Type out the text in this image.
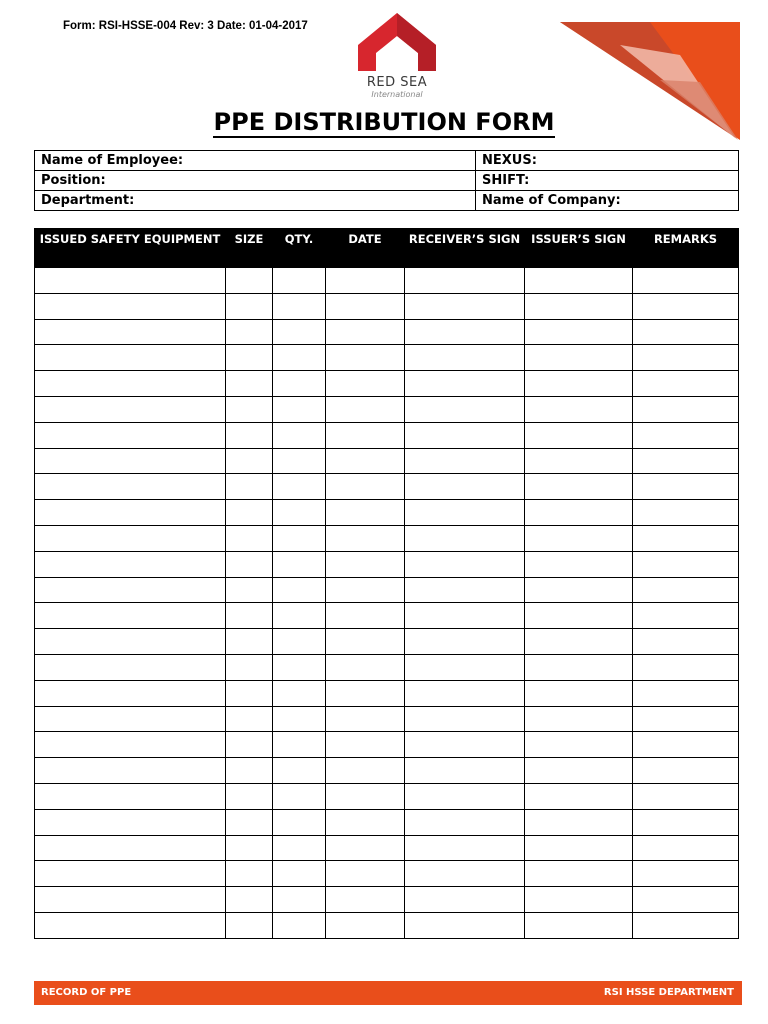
Form: RSI-HSSE-004 Rev: 3 Date: 01-04-2017
RED SEA
International
PPE DISTRIBUTION FORM
Name of Employee:	NEXUS:
Position:	SHIFT:
Department:	Name of Company:
ISSUED SAFETY EQUIPMENT	SIZE	QTY.	DATE	RECEIVER’S SIGN	ISSUER’S SIGN	REMARKS

RECORD OF PPE	RSI HSSE DEPARTMENT
